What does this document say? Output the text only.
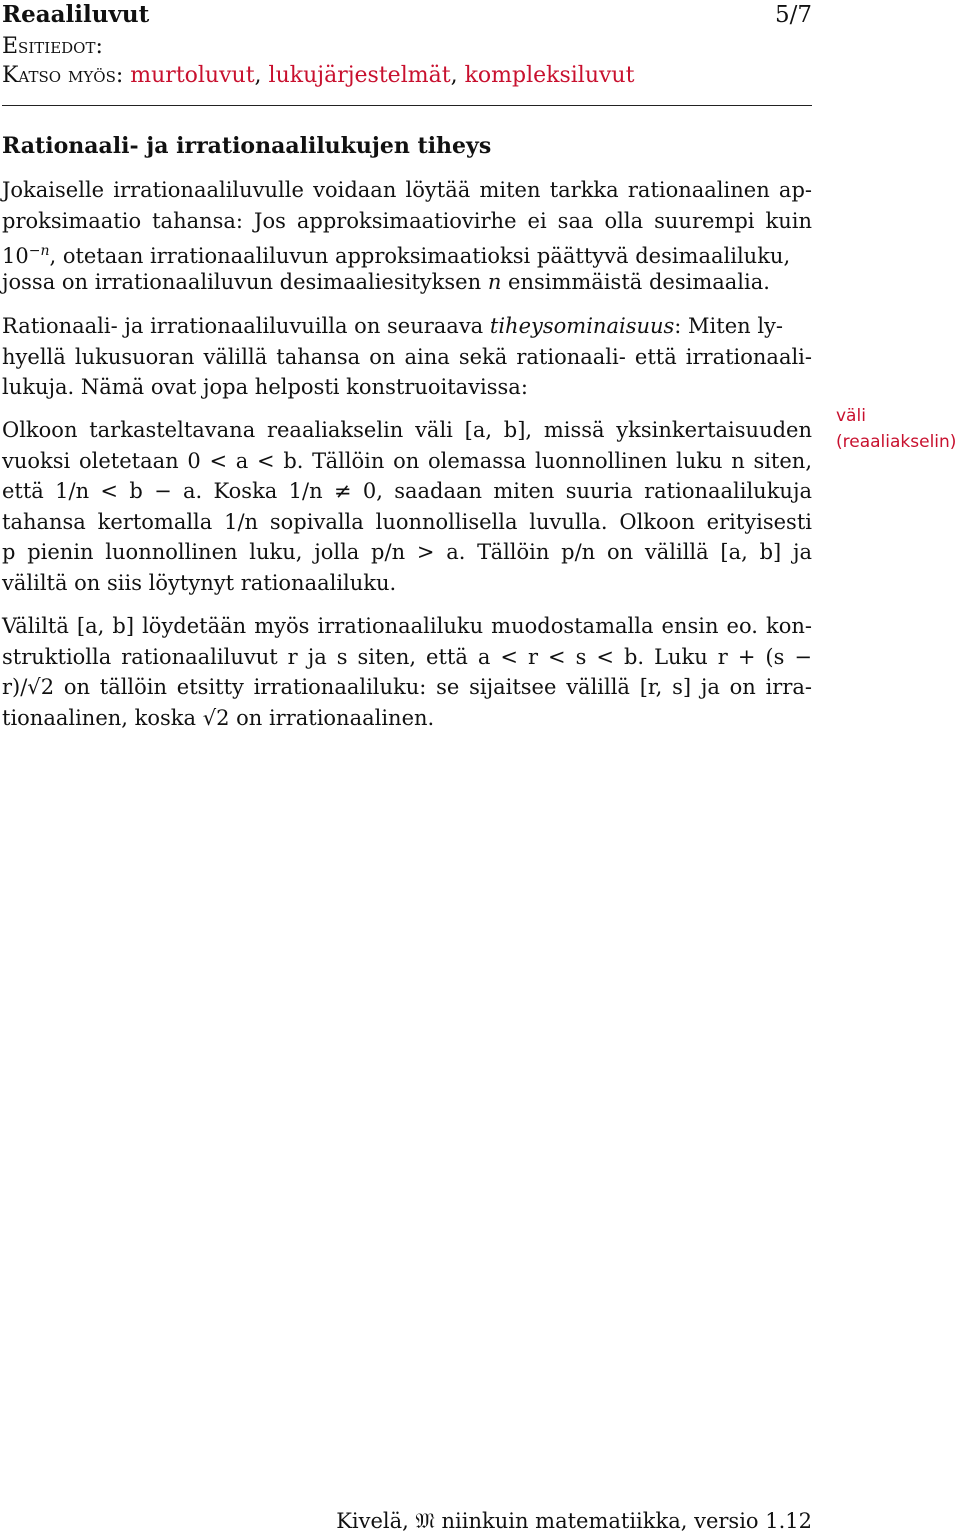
Reaaliluvut	5/7
Esitiedot:
Katso myös: murtoluvut, lukujärjestelmät, kompleksiluvut
Rationaali- ja irrationaalilukujen tiheys
Jokaiselle irrationaaliluvulle voidaan löytää miten tarkka rationaalinen ap-
proksimaatio tahansa: Jos approksimaatiovirhe ei saa olla suurempi kuin
$10^{-n}$, otetaan irrationaaliluvun approksimaatioksi päättyvä desimaaliluku,
jossa on irrationaaliluvun desimaaliesityksen n ensimmäistä desimaalia.
Rationaali- ja irrationaaliluvuilla on seuraava tiheysominaisuus: Miten ly-
hyellä lukusuoran välillä tahansa on aina sekä rationaali- että irrationaali-
lukuja. Nämä ovat jopa helposti konstruoitavissa:
Olkoon tarkasteltavana reaaliakselin väli [a, b], missä yksinkertaisuuden
vuoksi oletetaan 0 < a < b. Tällöin on olemassa luonnollinen luku n siten,
että 1/n < b − a. Koska 1/n ≠ 0, saadaan miten suuria rationaalilukuja
tahansa kertomalla 1/n sopivalla luonnollisella luvulla. Olkoon erityisesti
p pienin luonnollinen luku, jolla p/n > a. Tällöin p/n on välillä [a, b] ja
väliltä on siis löytynyt rationaaliluku.
Väliltä [a, b] löydetään myös irrationaaliluku muodostamalla ensin eo. kon-
struktiolla rationaaliluvut r ja s siten, että a < r < s < b. Luku r + (s −
r)/√2 on tällöin etsitty irrationaaliluku: se sijaitsee välillä [r, s] ja on irra-
tionaalinen, koska √2 on irrationaalinen.
väli
(reaaliakselin)
Kivelä, 𝔐 niinkuin matematiikka, versio 1.12
